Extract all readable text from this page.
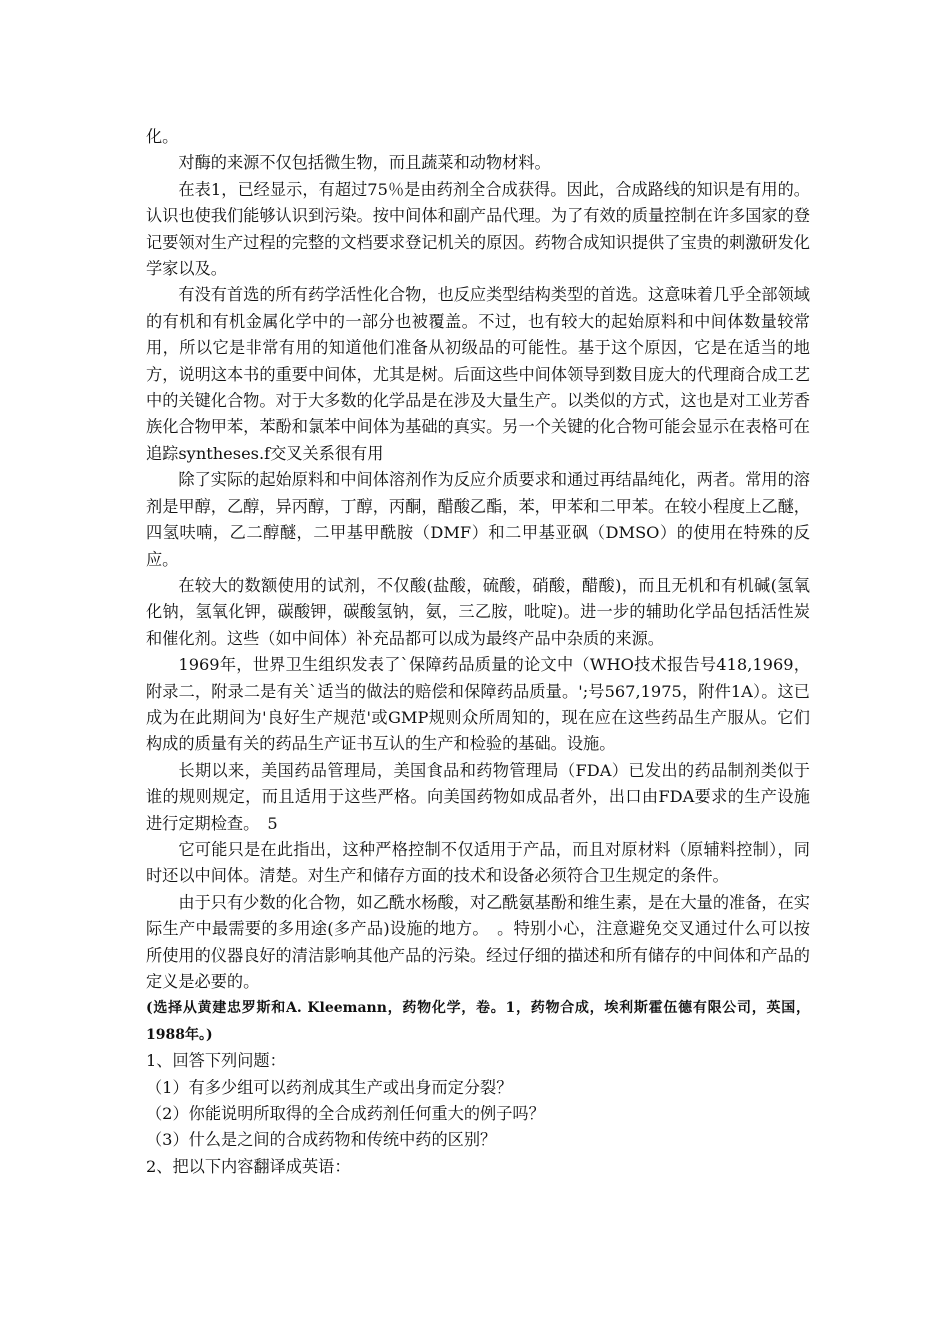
化。

对酶的来源不仅包括微生物，而且蔬菜和动物材料。

在表1，已经显示，有超过75％是由药剂全合成获得。因此，合成路线的知识是有用的。认识也使我们能够认识到污染。按中间体和副产品代理。为了有效的质量控制在许多国家的登记要领对生产过程的完整的文档要求登记机关的原因。药物合成知识提供了宝贵的刺激研发化学家以及。

有没有首选的所有药学活性化合物，也反应类型结构类型的首选。这意味着几乎全部领域的有机和有机金属化学中的一部分也被覆盖。不过，也有较大的起始原料和中间体数量较常用，所以它是非常有用的知道他们准备从初级品的可能性。基于这个原因，它是在适当的地方，说明这本书的重要中间体，尤其是树。后面这些中间体领导到数目庞大的代理商合成工艺中的关键化合物。对于大多数的化学品是在涉及大量生产。以类似的方式，这也是对工业芳香族化合物甲苯，苯酚和氯苯中间体为基础的真实。另一个关键的化合物可能会显示在表格可在追踪syntheses.f交叉关系很有用

除了实际的起始原料和中间体溶剂作为反应介质要求和通过再结晶纯化，两者。常用的溶剂是甲醇，乙醇，异丙醇，丁醇，丙酮，醋酸乙酯，苯，甲苯和二甲苯。在较小程度上乙醚，四氢呋喃，乙二醇醚，二甲基甲酰胺（DMF）和二甲基亚砜（DMSO）的使用在特殊的反应。

在较大的数额使用的试剂，不仅酸(盐酸，硫酸，硝酸，醋酸)，而且无机和有机碱(氢氧化钠，氢氧化钾，碳酸钾，碳酸氢钠，氨，三乙胺，吡啶)。进一步的辅助化学品包括活性炭和催化剂。这些（如中间体）补充品都可以成为最终产品中杂质的来源。

1969年，世界卫生组织发表了`保障药品质量的论文中（WHO技术报告号418,1969，附录二，附录二是有关`适当的做法的赔偿和保障药品质量。';号567,1975，附件1A）。这已成为在此期间为'良好生产规范'或GMP规则众所周知的，现在应在这些药品生产服从。它们构成的质量有关的药品生产证书互认的生产和检验的基础。设施。

长期以来，美国药品管理局，美国食品和药物管理局（FDA）已发出的药品制剂类似于谁的规则规定，而且适用于这些严格。向美国药物如成品者外，出口由FDA要求的生产设施进行定期检查。　5

它可能只是在此指出，这种严格控制不仅适用于产品，而且对原材料（原辅料控制），同时还以中间体。清楚。对生产和储存方面的技术和设备必须符合卫生规定的条件。

由于只有少数的化合物，如乙酰水杨酸，对乙酰氨基酚和维生素，是在大量的准备，在实际生产中最需要的多用途(多产品)设施的地方。　。特别小心，注意避免交叉通过什么可以按所使用的仪器良好的清洁影响其他产品的污染。经过仔细的描述和所有储存的中间体和产品的定义是必要的。

(选择从黄建忠罗斯和A. Kleemann，药物化学，卷。1，药物合成，埃利斯霍伍德有限公司，英国，1988年。)

1、回答下列问题：

（1）有多少组可以药剂成其生产或出身而定分裂？

（2）你能说明所取得的全合成药剂任何重大的例子吗？

（3）什么是之间的合成药物和传统中药的区别？

2、把以下内容翻译成英语：
